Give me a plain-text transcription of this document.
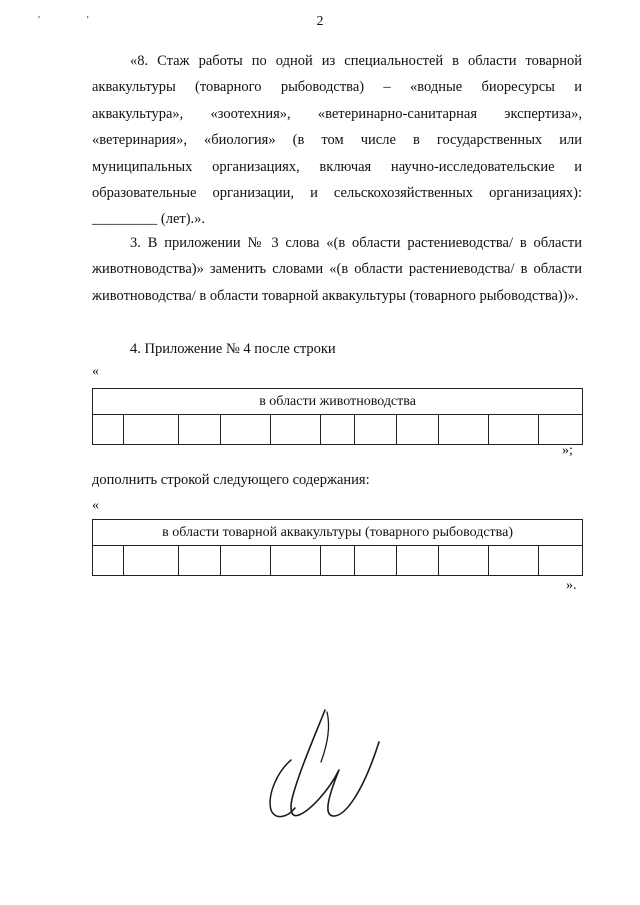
2
' '

«8. Стаж работы по одной из специальностей в области товарной аквакультуры (товарного рыбоводства) – «водные биоресурсы и аквакультура», «зоотехния», «ветеринарно-санитарная экспертиза», «ветеринария», «биология» (в том числе в государственных или муниципальных организациях, включая научно-исследовательские и образовательные организации, и сельскохозяйственных организациях): _________ (лет).».

3. В приложении № 3 слова «(в области растениеводства/ в области животноводства)» заменить словами «(в области растениеводства/ в области животноводства/ в области товарной аквакультуры (товарного рыбоводства))».

4. Приложение № 4 после строки

«
в области животноводства

»;
дополнить строкой следующего содержания:
«
в области товарной аквакультуры (товарного рыбоводства)

».
